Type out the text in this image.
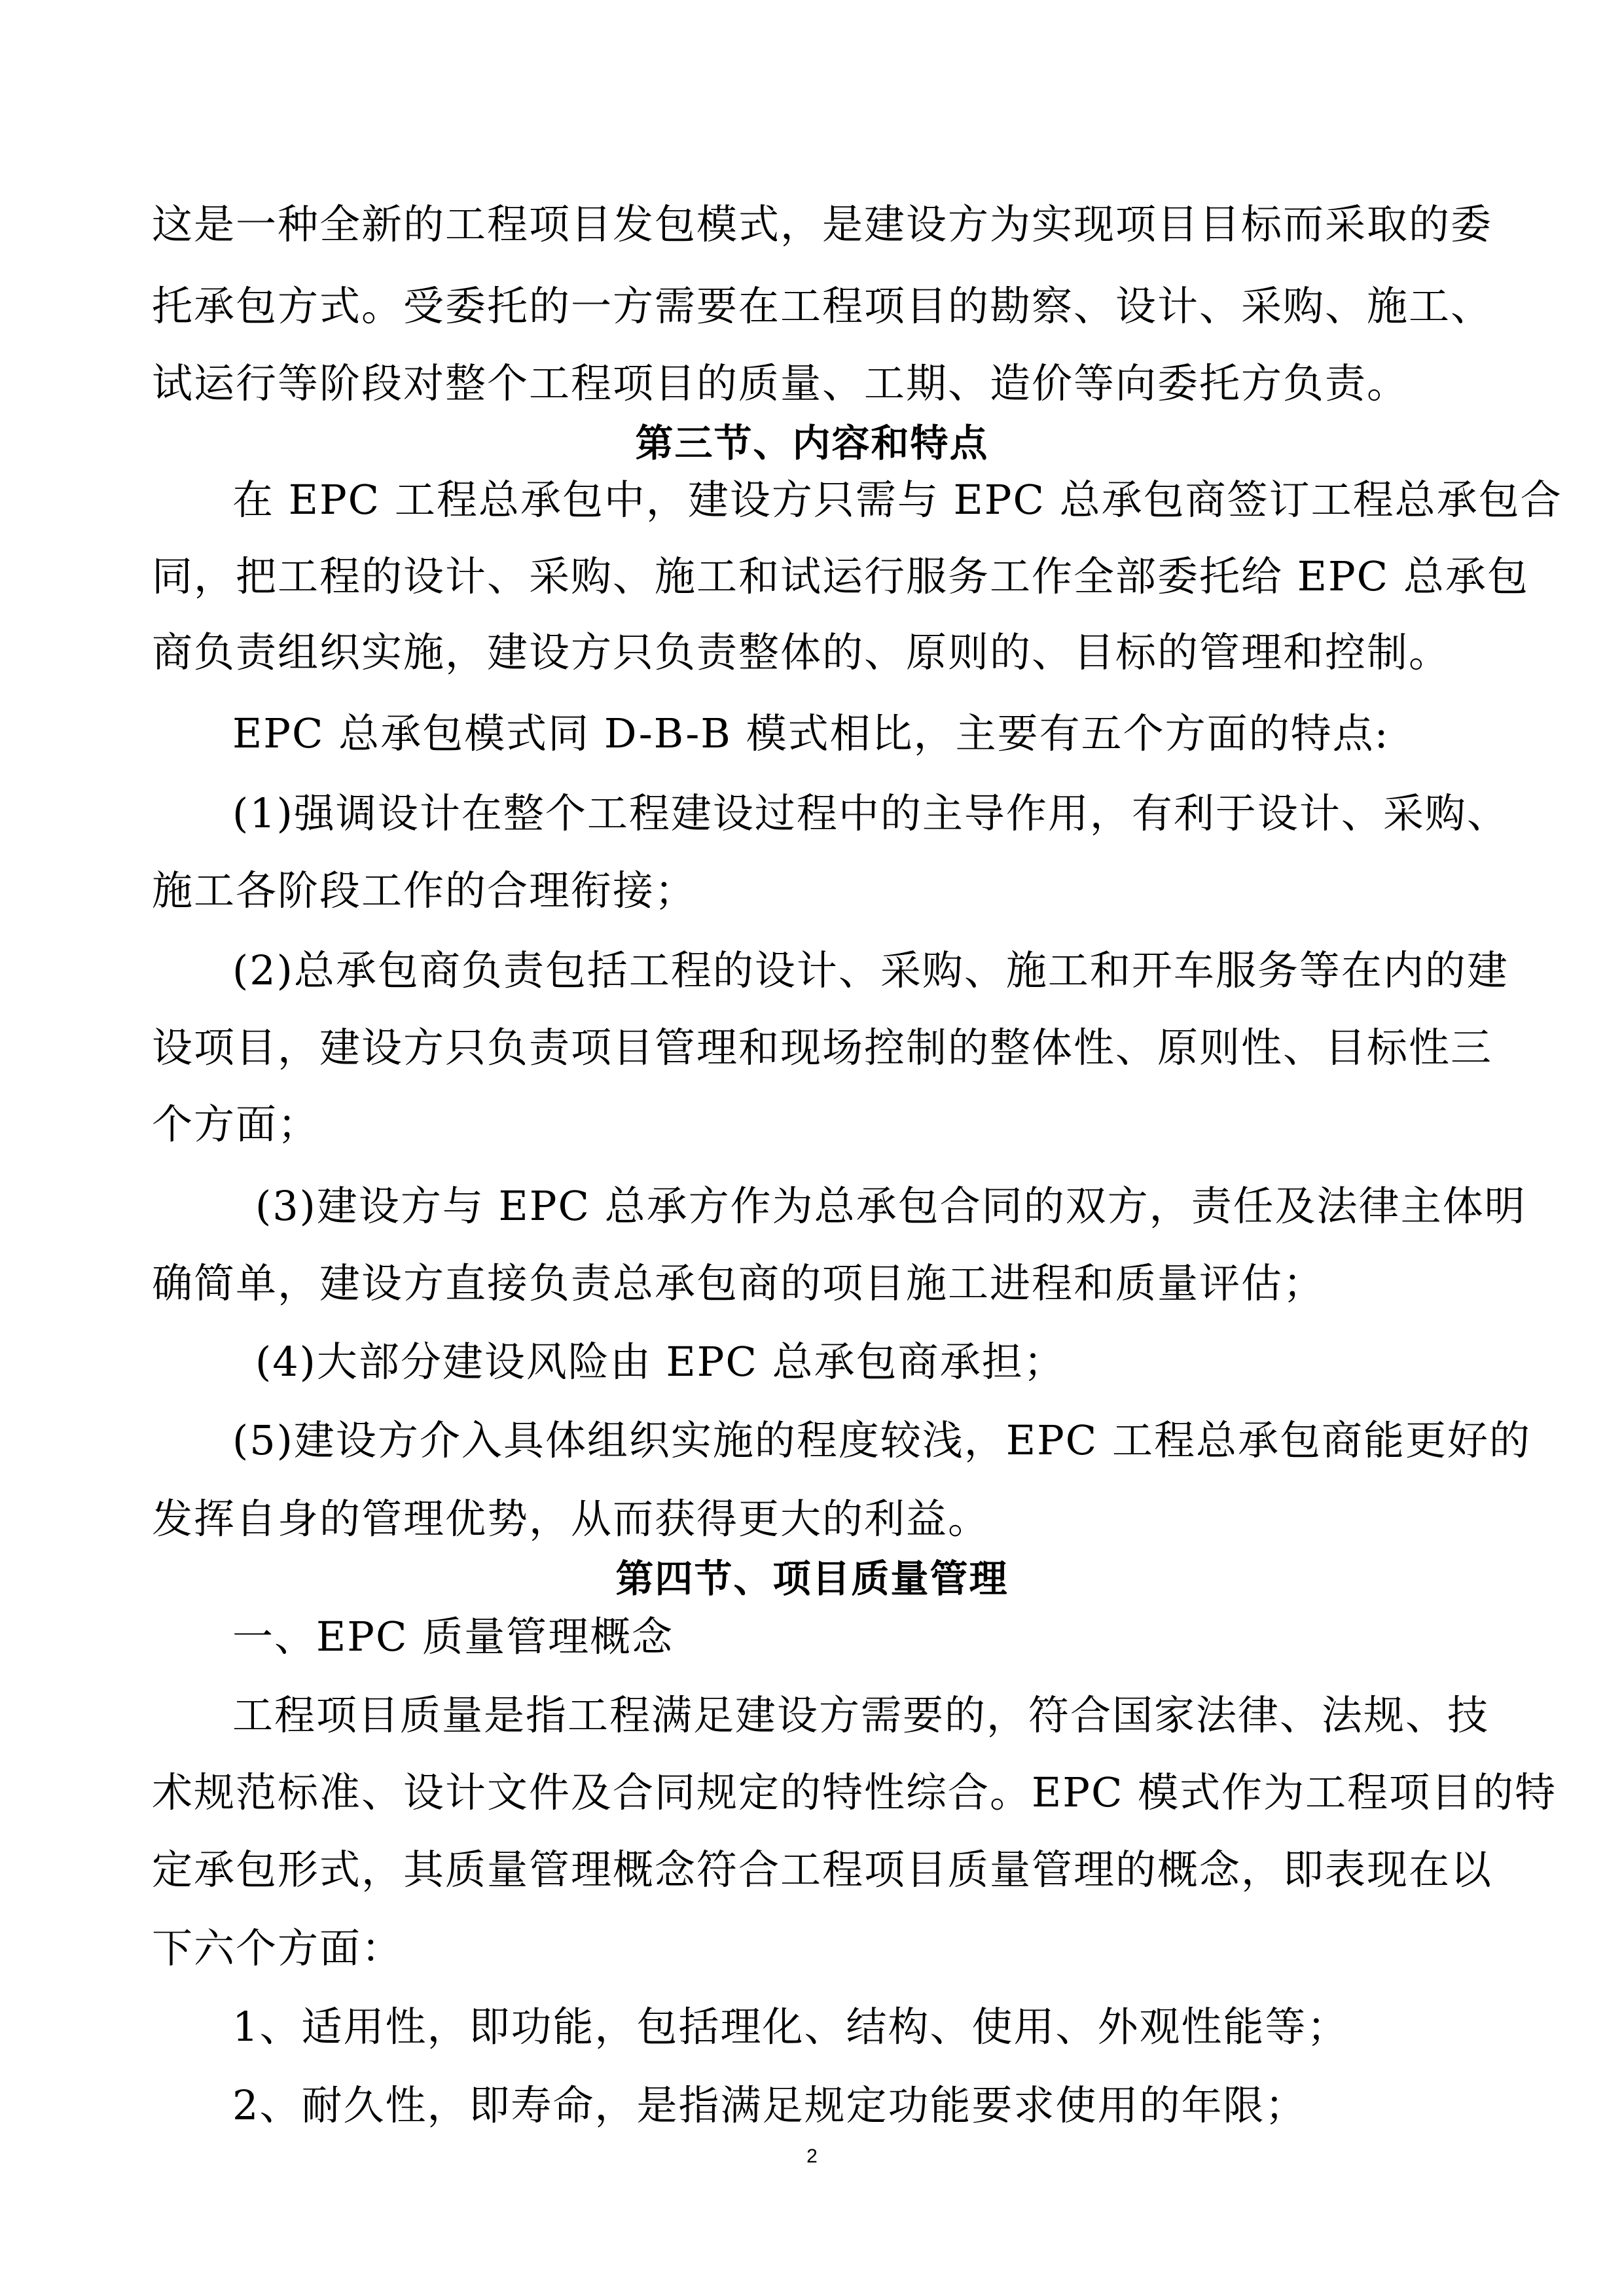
这是一种全新的工程项目发包模式，是建设方为实现项目目标而采取的委
托承包方式。受委托的一方需要在工程项目的勘察、设计、采购、施工、
试运行等阶段对整个工程项目的质量、工期、造价等向委托方负责。
第三节、内容和特点
在 EPC 工程总承包中，建设方只需与 EPC 总承包商签订工程总承包合
同，把工程的设计、采购、施工和试运行服务工作全部委托给 EPC 总承包
商负责组织实施，建设方只负责整体的、原则的、目标的管理和控制。
EPC 总承包模式同 D-B-B 模式相比，主要有五个方面的特点:
(1)强调设计在整个工程建设过程中的主导作用，有利于设计、采购、
施工各阶段工作的合理衔接；
(2)总承包商负责包括工程的设计、采购、施工和开车服务等在内的建
设项目，建设方只负责项目管理和现场控制的整体性、原则性、目标性三
个方面；
(3)建设方与 EPC 总承方作为总承包合同的双方，责任及法律主体明
确简单，建设方直接负责总承包商的项目施工进程和质量评估；
(4)大部分建设风险由 EPC 总承包商承担；
(5)建设方介入具体组织实施的程度较浅，EPC 工程总承包商能更好的
发挥自身的管理优势，从而获得更大的利益。
第四节、项目质量管理
一、EPC 质量管理概念
工程项目质量是指工程满足建设方需要的，符合国家法律、法规、技
术规范标准、设计文件及合同规定的特性综合。EPC 模式作为工程项目的特
定承包形式，其质量管理概念符合工程项目质量管理的概念，即表现在以
下六个方面：
1、适用性，即功能，包括理化、结构、使用、外观性能等；
2、耐久性，即寿命，是指满足规定功能要求使用的年限；
2
